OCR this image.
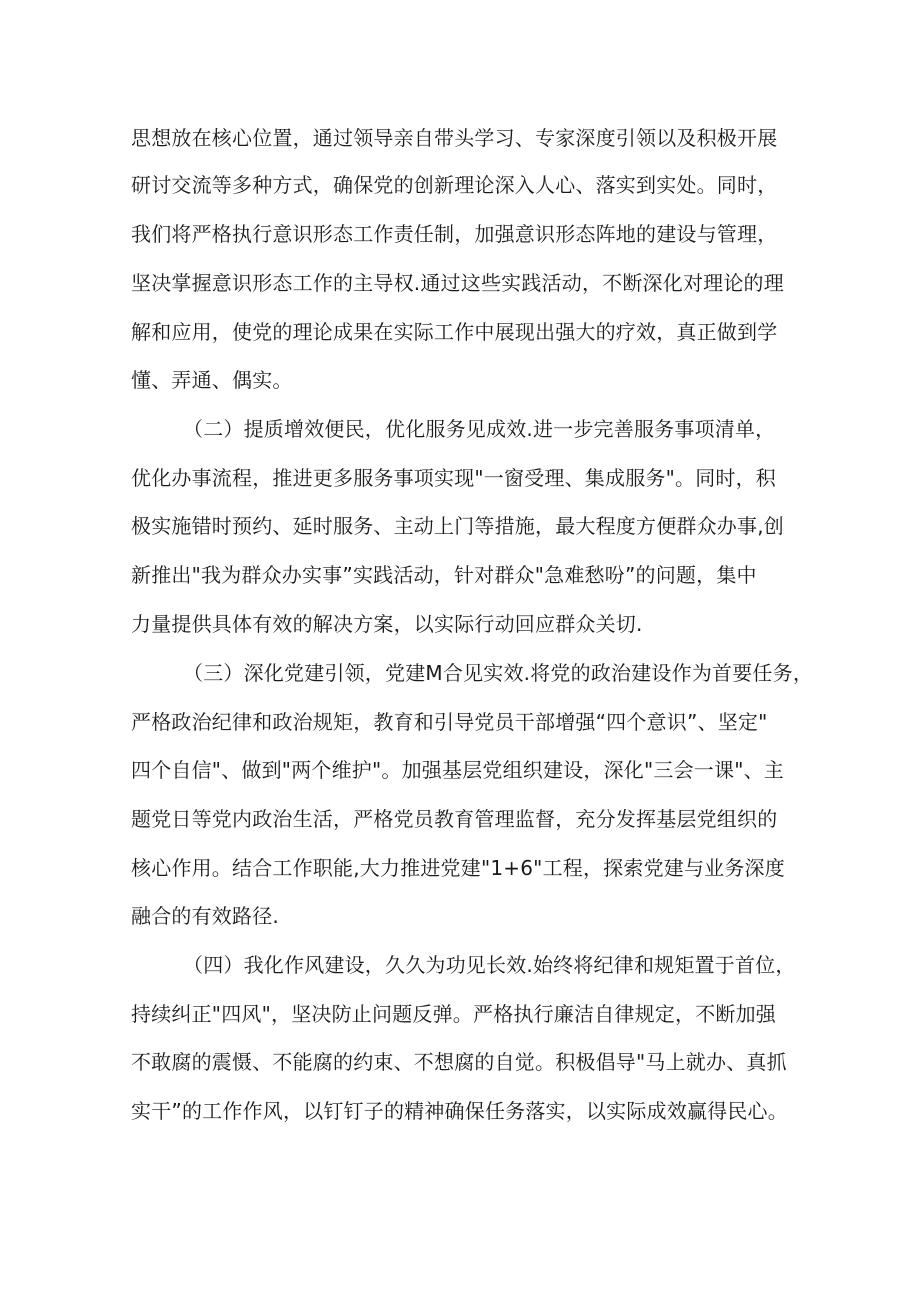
思想放在核心位置，通过领导亲自带头学习、专家深度引领以及积极开展
研讨交流等多种方式，确保党的创新理论深入人心、落实到实处。同时，
我们将严格执行意识形态工作责任制，加强意识形态阵地的建设与管理，
坚决掌握意识形态工作的主导权.通过这些实践活动，不断深化对理论的理
解和应用，使党的理论成果在实际工作中展现出强大的疗效，真正做到学
懂、弄通、偶实。
（二）提质增效便民，优化服务见成效.进一步完善服务事项清单，
优化办事流程，推进更多服务事项实现"一窗受理、集成服务"。同时，积
极实施错时预约、延时服务、主动上门等措施，最大程度方便群众办事,创
新推出"我为群众办实事”实践活动，针对群众"急难愁吩”的问题，集中
力量提供具体有效的解决方案，以实际行动回应群众关切.
（三）深化党建引领，党建M合见实效.将党的政治建设作为首要任务，
严格政治纪律和政治规矩，教育和引导党员干部增强“四个意识”、坚定"
四个自信"、做到"两个维护"。加强基层党组织建设，深化"三会一课"、主
题党日等党内政治生活，严格党员教育管理监督，充分发挥基层党组织的
核心作用。结合工作职能,大力推进党建"1+6"工程，探索党建与业务深度
融合的有效路径.
（四）我化作风建设，久久为功见长效.始终将纪律和规矩置于首位，
持续纠正"四风"，坚决防止问题反弹。严格执行廉洁自律规定，不断加强
不敢腐的震慑、不能腐的约束、不想腐的自觉。积极倡导"马上就办、真抓
实干”的工作作风，以钉钉子的精神确保任务落实，以实际成效赢得民心。
